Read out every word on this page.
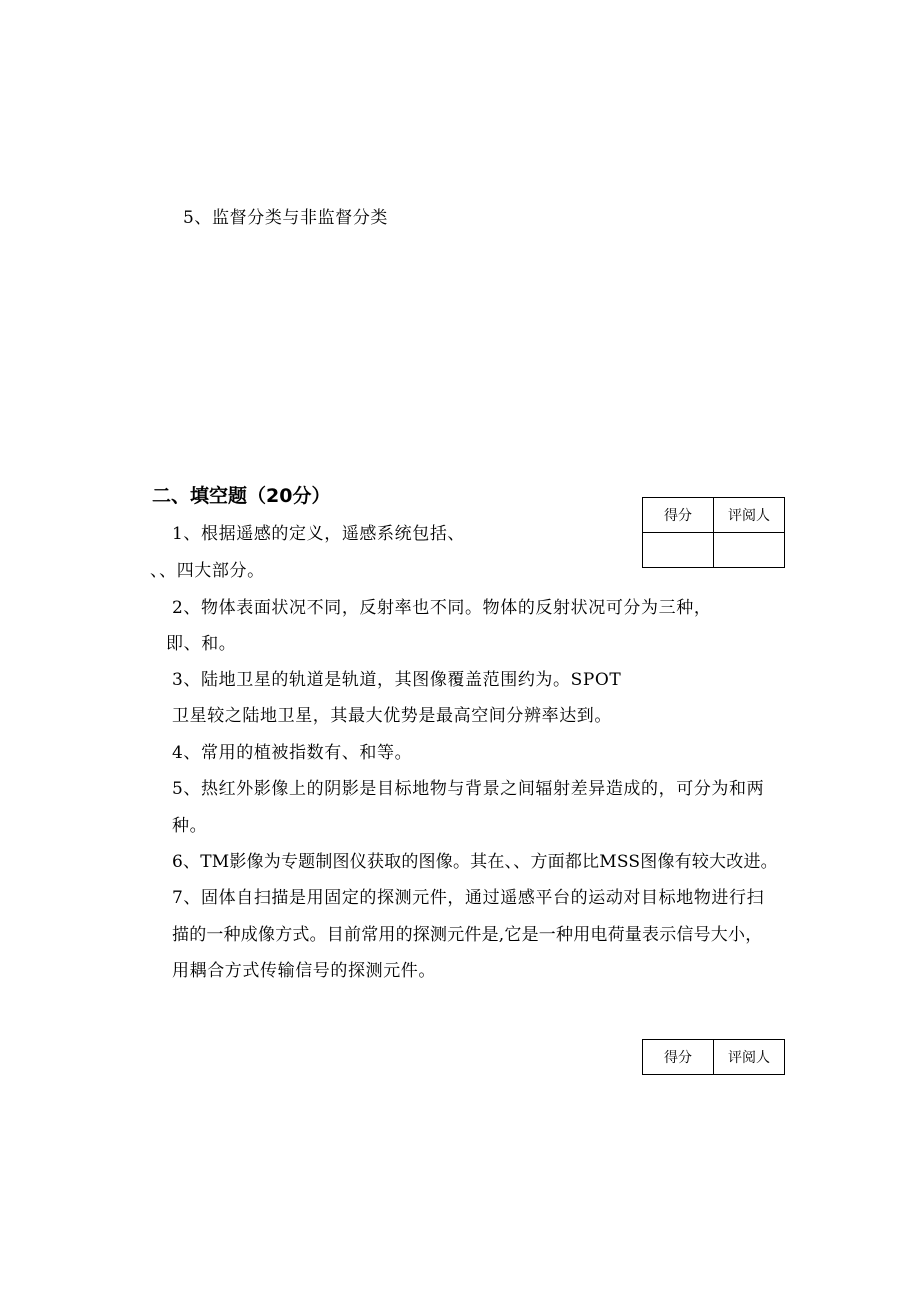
5、监督分类与非监督分类
二、填空题（20分）
得分	评阅人

1、根据遥感的定义，遥感系统包括、
、、四大部分。
2、物体表面状况不同，反射率也不同。物体的反射状况可分为三种，
即、和。
3、陆地卫星的轨道是轨道，其图像覆盖范围约为。SPOT
卫星较之陆地卫星，其最大优势是最高空间分辨率达到。
4、常用的植被指数有、和等。
5、热红外影像上的阴影是目标地物与背景之间辐射差异造成的，可分为和两
种。
6、TM影像为专题制图仪获取的图像。其在、、方面都比MSS图像有较大改进。
7、固体自扫描是用固定的探测元件，通过遥感平台的运动对目标地物进行扫
描的一种成像方式。目前常用的探测元件是,它是一种用电荷量表示信号大小，
用耦合方式传输信号的探测元件。
得分	评阅人
